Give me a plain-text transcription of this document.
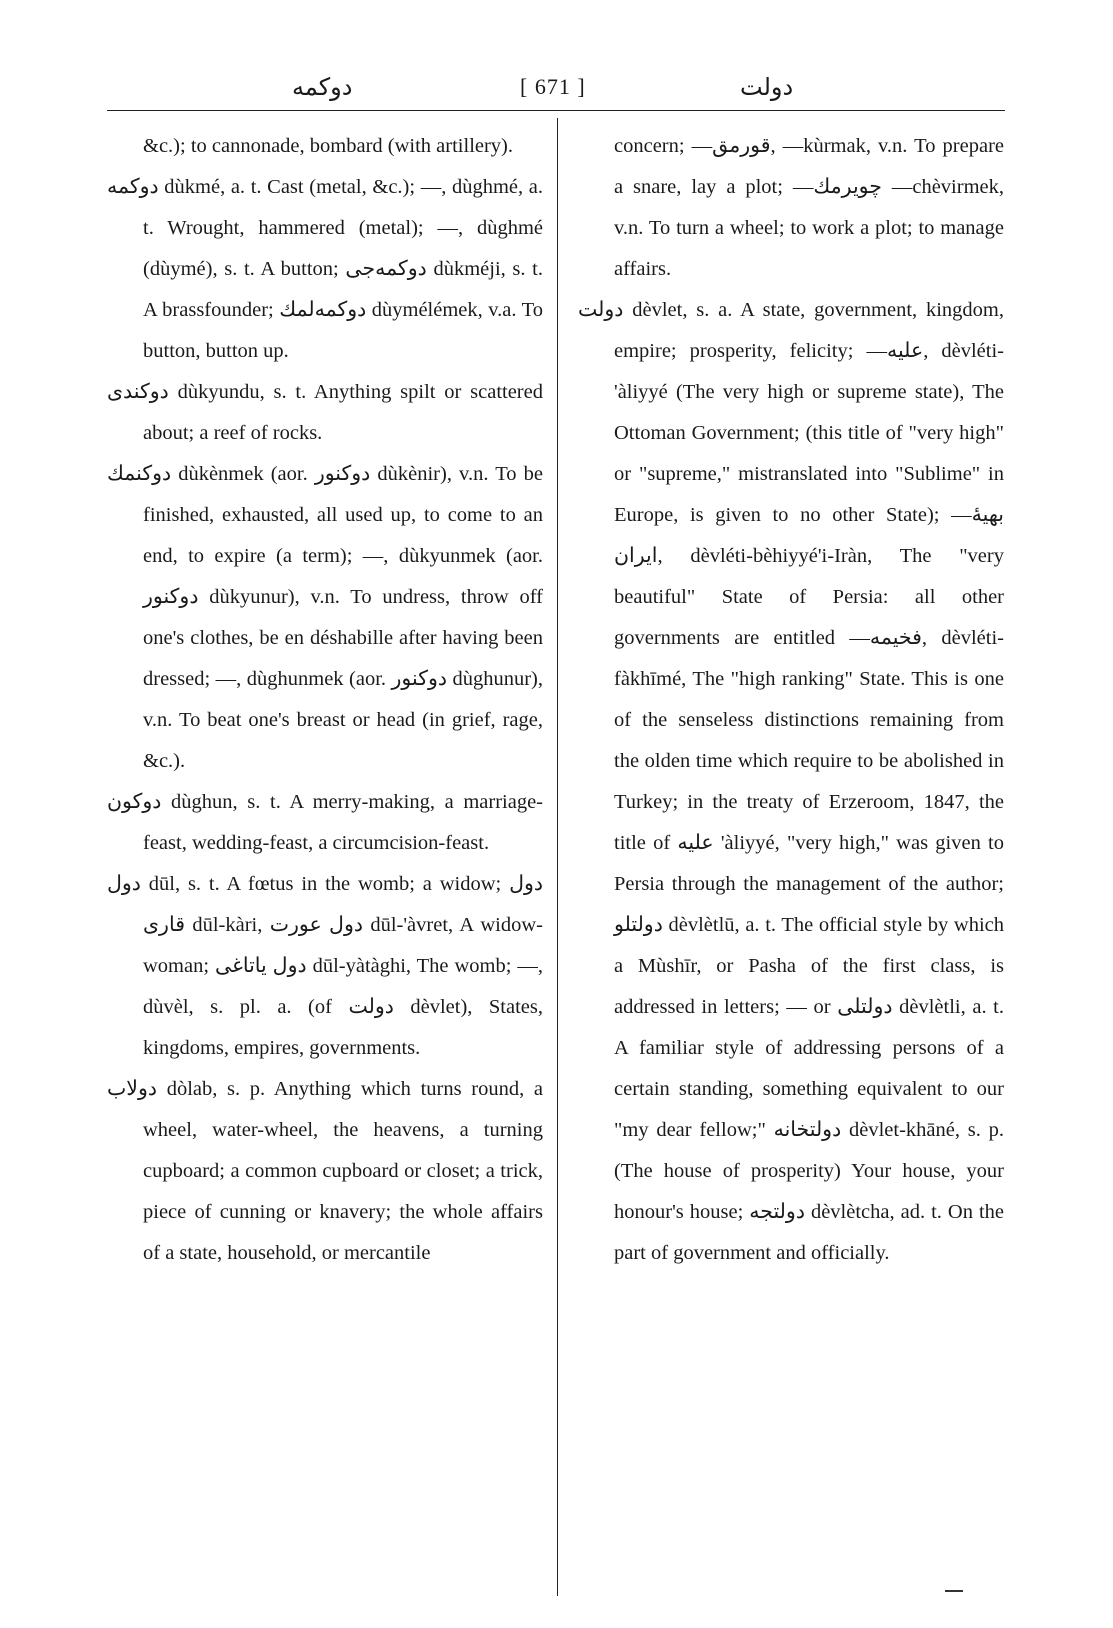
دوکمه	[ 671 ]	دولت

&c.); to cannonade, bombard (with artillery).

دوکمه dùkmé, a. t. Cast (metal, &c.); —, dùghmé, a. t. Wrought, hammered (metal); —, dùghmé (dùymé), s. t. A button; دوکمه‌جی dùkméji, s. t. A brassfounder; دوکمه‌لمك dùymélémek, v.a. To button, button up.

دوکندی dùkyundu, s. t. Anything spilt or scattered about; a reef of rocks.

دوکنمك dùkènmek (aor. دوکنور dùkènir), v.n. To be finished, exhausted, all used up, to come to an end, to expire (a term); —, dùkyunmek (aor. دوکنور dùkyunur), v.n. To undress, throw off one's clothes, be en déshabille after having been dressed; —, dùghunmek (aor. دوکنور dùghunur), v.n. To beat one's breast or head (in grief, rage, &c.).

دوکون dùghun, s. t. A merry-making, a marriage-feast, wedding-feast, a circumcision-feast.

دول dūl, s. t. A fœtus in the womb; a widow; دول قاری dūl-kàri, دول عورت dūl-'àvret, A widow-woman; دول یاتاغی dūl-yàtàghi, The womb; —, dùvèl, s. pl. a. (of دولت dèvlet), States, kingdoms, empires, governments.

دولاب dòlab, s. p. Anything which turns round, a wheel, water-wheel, the heavens, a turning cupboard; a common cupboard or closet; a trick, piece of cunning or knavery; the whole affairs of a state, household, or mercantile

concern; —قورمق, —kùrmak, v.n. To prepare a snare, lay a plot; —چویرمك —chèvirmek, v.n. To turn a wheel; to work a plot; to manage affairs.

دولت dèvlet, s. a. A state, government, kingdom, empire; prosperity, felicity; —علیه, dèvléti-'àliyyé (The very high or supreme state), The Ottoman Government; (this title of "very high" or "supreme," mistranslated into "Sublime" in Europe, is given to no other State); —بهیهٔ ایران, dèvléti-bèhiyyé'i-Iràn, The "very beautiful" State of Persia: all other governments are entitled —فخیمه, dèvléti-fàkhīmé, The "high ranking" State. This is one of the senseless distinctions remaining from the olden time which require to be abolished in Turkey; in the treaty of Erzeroom, 1847, the title of علیه 'àliyyé, "very high," was given to Persia through the management of the author; دولتلو dèvlètlū, a. t. The official style by which a Mùshīr, or Pasha of the first class, is addressed in letters; — or دولتلی dèvlètli, a. t. A familiar style of addressing persons of a certain standing, something equivalent to our "my dear fellow;" دولتخانه dèvlet-khāné, s. p. (The house of prosperity) Your house, your honour's house; دولتجه dèvlètcha, ad. t. On the part of government and officially.
